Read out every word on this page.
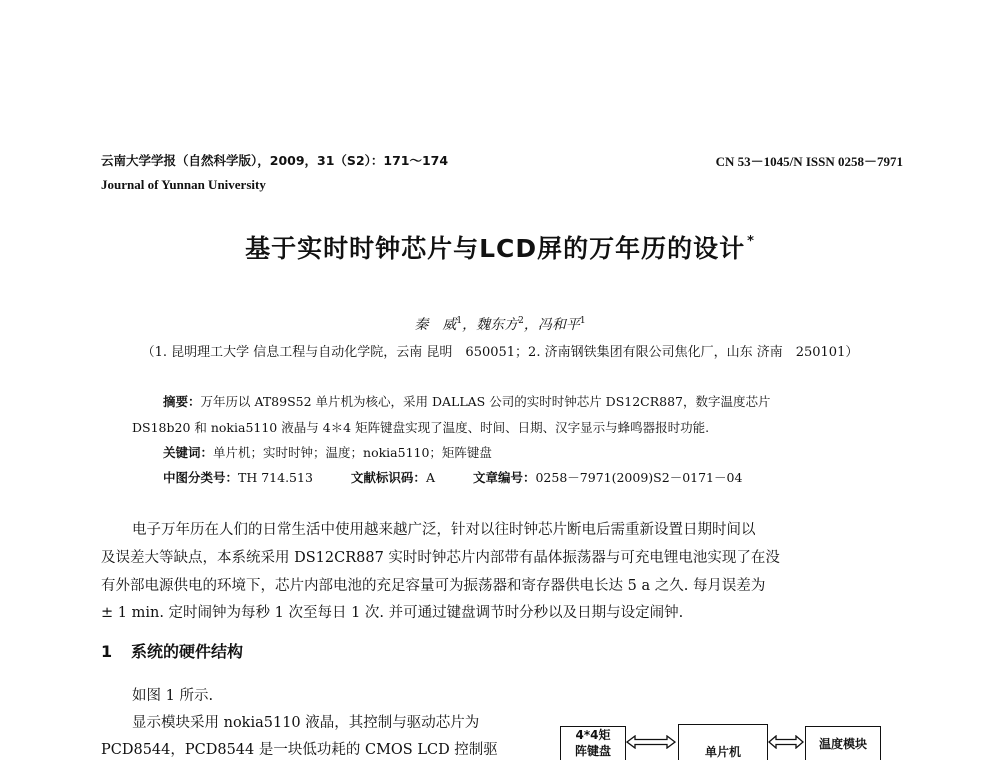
云南大学学报（自然科学版），2009，31（S2）：171～174
Journal of Yunnan University
CN 53－1045/N ISSN 0258－7971
基于实时时钟芯片与LCD屏的万年历的设计 *
秦　威$^1$，魏东方$^2$，冯和平$^1$
（1. 昆明理工大学 信息工程与自动化学院，云南 昆明　650051；2. 济南钢铁集团有限公司焦化厂，山东 济南　250101）
摘要：万年历以 AT89S52 单片机为核心，采用 DALLAS 公司的实时时钟芯片 DS12CR887，数字温度芯片
DS18b20 和 nokia5110 液晶与 4＊4 矩阵键盘实现了温度、时间、日期、汉字显示与蜂鸣器报时功能.
关键词：单片机；实时时钟；温度；nokia5110；矩阵键盘
中图分类号：TH 714.513	文献标识码：A	文章编号：0258－7971(2009)S2－0171－04
电子万年历在人们的日常生活中使用越来越广泛，针对以往时钟芯片断电后需重新设置日期时间以
及误差大等缺点，本系统采用 DS12CR887 实时时钟芯片内部带有晶体振荡器与可充电锂电池实现了在没
有外部电源供电的环境下，芯片内部电池的充足容量可为振荡器和寄存器供电长达 5 a 之久. 每月误差为
± 1 min. 定时闹钟为每秒 1 次至每日 1 次. 并可通过键盘调节时分秒以及日期与设定闹钟.
1 系统的硬件结构
如图 1 所示.
显示模块采用 nokia5110 液晶，其控制与驱动芯片为
PCD8544，PCD8544 是一块低功耗的 CMOS LCD 控制驱
4*4矩
阵键盘	单片机
温度模块
